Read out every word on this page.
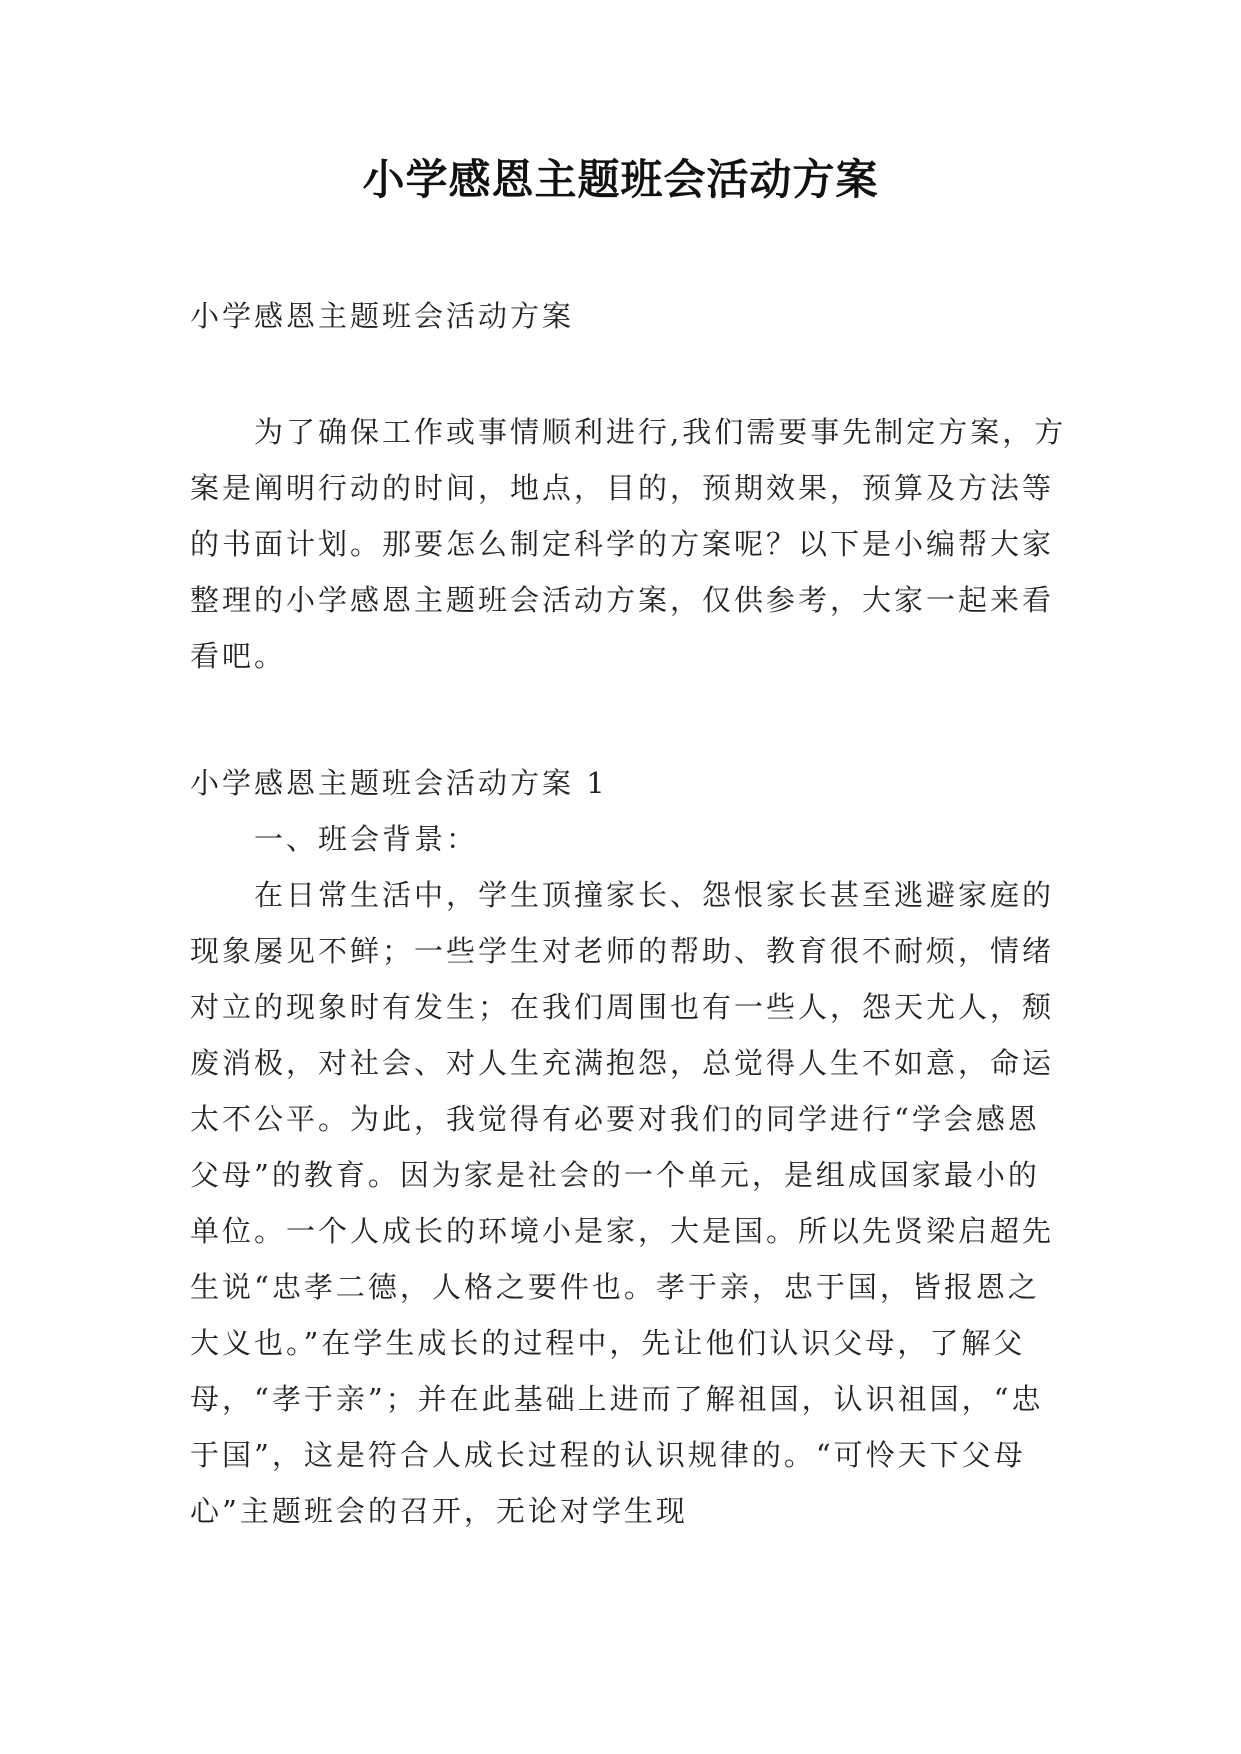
小学感恩主题班会活动方案

小学感恩主题班会活动方案

为了确保工作或事情顺利进行,我们需要事先制定方案，方案是阐明行动的时间，地点，目的，预期效果，预算及方法等的书面计划。那要怎么制定科学的方案呢？以下是小编帮大家整理的小学感恩主题班会活动方案，仅供参考，大家一起来看看吧。

小学感恩主题班会活动方案 1

一、班会背景：

在日常生活中，学生顶撞家长、怨恨家长甚至逃避家庭的现象屡见不鲜；一些学生对老师的帮助、教育很不耐烦，情绪对立的现象时有发生；在我们周围也有一些人，怨天尤人，颓废消极，对社会、对人生充满抱怨，总觉得人生不如意，命运太不公平。为此，我觉得有必要对我们的同学进行“学会感恩父母”的教育。因为家是社会的一个单元，是组成国家最小的单位。一个人成长的环境小是家，大是国。所以先贤梁启超先生说“忠孝二德，人格之要件也。孝于亲，忠于国，皆报恩之大义也。”在学生成长的过程中，先让他们认识父母，了解父母，“孝于亲”；并在此基础上进而了解祖国，认识祖国，“忠于国”，这是符合人成长过程的认识规律的。“可怜天下父母心”主题班会的召开，无论对学生现
